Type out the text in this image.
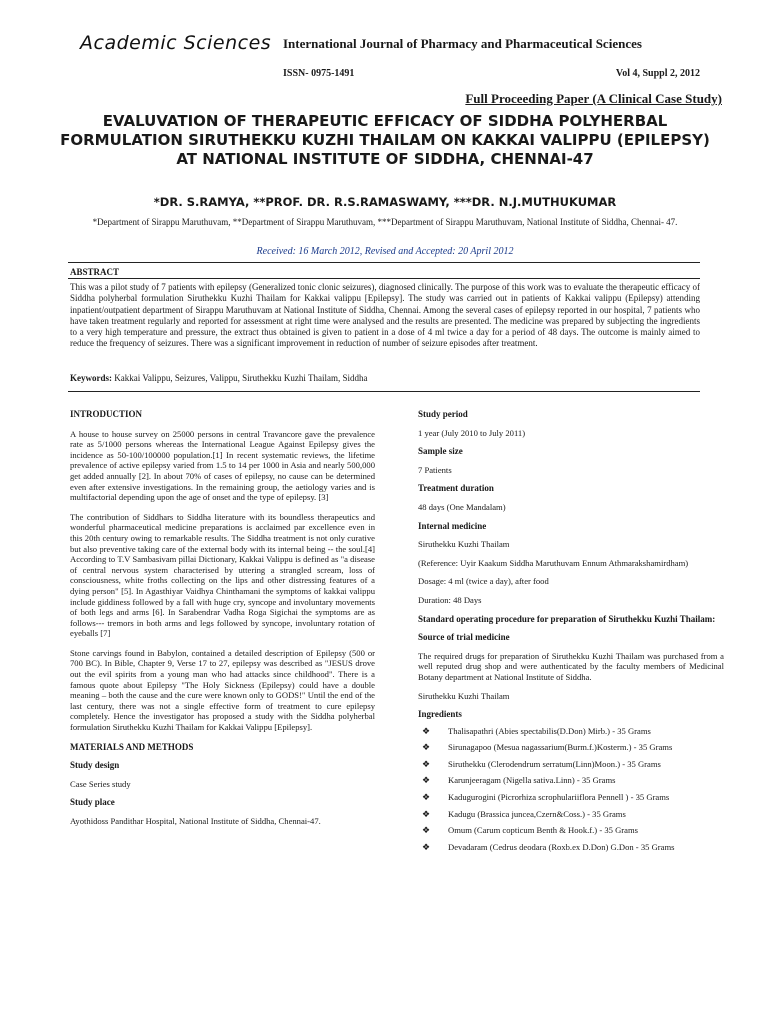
Academic Sciences International Journal of Pharmacy and Pharmaceutical Sciences
ISSN- 0975-1491	Vol 4, Suppl 2, 2012
Full Proceeding Paper (A Clinical Case Study)
EVALUVATION OF THERAPEUTIC EFFICACY OF SIDDHA POLYHERBAL FORMULATION SIRUTHEKKU KUZHI THAILAM ON KAKKAI VALIPPU (EPILEPSY) AT NATIONAL INSTITUTE OF SIDDHA, CHENNAI-47
*DR. S.RAMYA, **PROF. DR. R.S.RAMASWAMY, ***DR. N.J.MUTHUKUMAR
*Department of Sirappu Maruthuvam, **Department of Sirappu Maruthuvam, ***Department of Sirappu Maruthuvam, National Institute of Siddha, Chennai- 47.
Received: 16 March 2012, Revised and Accepted: 20 April 2012
ABSTRACT
This was a pilot study of 7 patients with epilepsy (Generalized tonic clonic seizures), diagnosed clinically. The purpose of this work was to evaluate the therapeutic efficacy of Siddha polyherbal formulation Siruthekku Kuzhi Thailam for Kakkai valippu [Epilepsy]. The study was carried out in patients of Kakkai valippu (Epilepsy) attending inpatient/outpatient department of Sirappu Maruthuvam at National Institute of Siddha, Chennai. Among the several cases of epilepsy reported in our hospital, 7 patients who have taken treatment regularly and reported for assessment at right time were analysed and the results are presented. The medicine was prepared by subjecting the ingredients to a very high temperature and pressure, the extract thus obtained is given to patient in a dose of 4 ml twice a day for a period of 48 days. The outcome is mainly aimed to reduce the frequency of seizures. There was a significant improvement in reduction of number of seizure episodes after treatment.
Keywords: Kakkai Valippu, Seizures, Valippu, Siruthekku Kuzhi Thailam, Siddha
INTRODUCTION

A house to house survey on 25000 persons in central Travancore gave the prevalence rate as 5/1000 persons whereas the International League Against Epilepsy gives the incidence as 50-100/100000 population.[1] In recent systematic reviews, the lifetime prevalence of active epilepsy varied from 1.5 to 14 per 1000 in Asia and nearly 500,000 get added annually [2]. In about 70% of cases of epilepsy, no cause can be determined even after extensive investigations. In the remaining group, the aetiology varies and is multifactorial depending upon the age of onset and the type of epilepsy. [3]

The contribution of Siddhars to Siddha literature with its boundless therapeutics and wonderful pharmaceutical medicine preparations is acclaimed par excellence even in this 20th century owing to remarkable results. The Siddha treatment is not only curative but also preventive taking care of the external body with its internal being -- the soul.[4] According to T.V Sambasivam pillai Dictionary, Kakkai Valippu is defined as "a disease of central nervous system characterised by uttering a strangled scream, loss of consciousness, white froths collecting on the lips and other distressing features of a dying person" [5]. In Agasthiyar Vaidhya Chinthamani the symptoms of kakkai valippu include giddiness followed by a fall with huge cry, syncope and involuntary movements of both legs and arms [6]. In Sarabendrar Vadha Roga Sigichai the symptoms are as follows--- tremors in both arms and legs followed by syncope, involuntary rotation of eyeballs [7]

Stone carvings found in Babylon, contained a detailed description of Epilepsy (500 or 700 BC). In Bible, Chapter 9, Verse 17 to 27, epilepsy was described as "JESUS drove out the evil spirits from a young man who had attacks since childhood". There is a famous quote about Epilepsy "The Holy Sickness (Epilepsy) could have a double meaning – both the cause and the cure were known only to GODS!" Until the end of the last century, there was not a single effective form of treatment to cure epilepsy completely. Hence the investigator has proposed a study with the Siddha polyherbal formulation Siruthekku Kuzhi Thailam for Kakkai Valippu [Epilepsy].

MATERIALS AND METHODS
Study design
Case Series study
Study place
Ayothidoss Pandithar Hospital, National Institute of Siddha, Chennai-47.
Study period
1 year (July 2010 to July 2011)
Sample size
7 Patients
Treatment duration
48 days (One Mandalam)
Internal medicine
Siruthekku Kuzhi Thailam
(Reference: Uyir Kaakum Siddha Maruthuvam Ennum Athmarakshamirdham)
Dosage: 4 ml (twice a day), after food
Duration: 48 Days
Standard operating procedure for preparation of Siruthekku Kuzhi Thailam:
Source of trial medicine

The required drugs for preparation of Siruthekku Kuzhi Thailam was purchased from a well reputed drug shop and were authenticated by the faculty members of Medicinal Botany department at National Institute of Siddha.

Siruthekku Kuzhi Thailam
Ingredients
❖ Thalisapathri (Abies spectabilis(D.Don) Mirb.) - 35 Grams
❖ Sirunagapoo (Mesua nagassarium(Burm.f.)Kosterm.) - 35 Grams
❖ Siruthekku (Clerodendrum serratum(Linn)Moon.) - 35 Grams
❖ Karunjeeragam (Nigella sativa.Linn) - 35 Grams
❖ Kadugurogini (Picrorhiza scrophulariiflora Pennell ) - 35 Grams
❖ Kadugu (Brassica juncea,Czern&Coss.) - 35 Grams
❖ Omum (Carum copticum Benth & Hook.f.) - 35 Grams
❖ Devadaram (Cedrus deodara (Roxb.ex D.Don) G.Don - 35 Grams
